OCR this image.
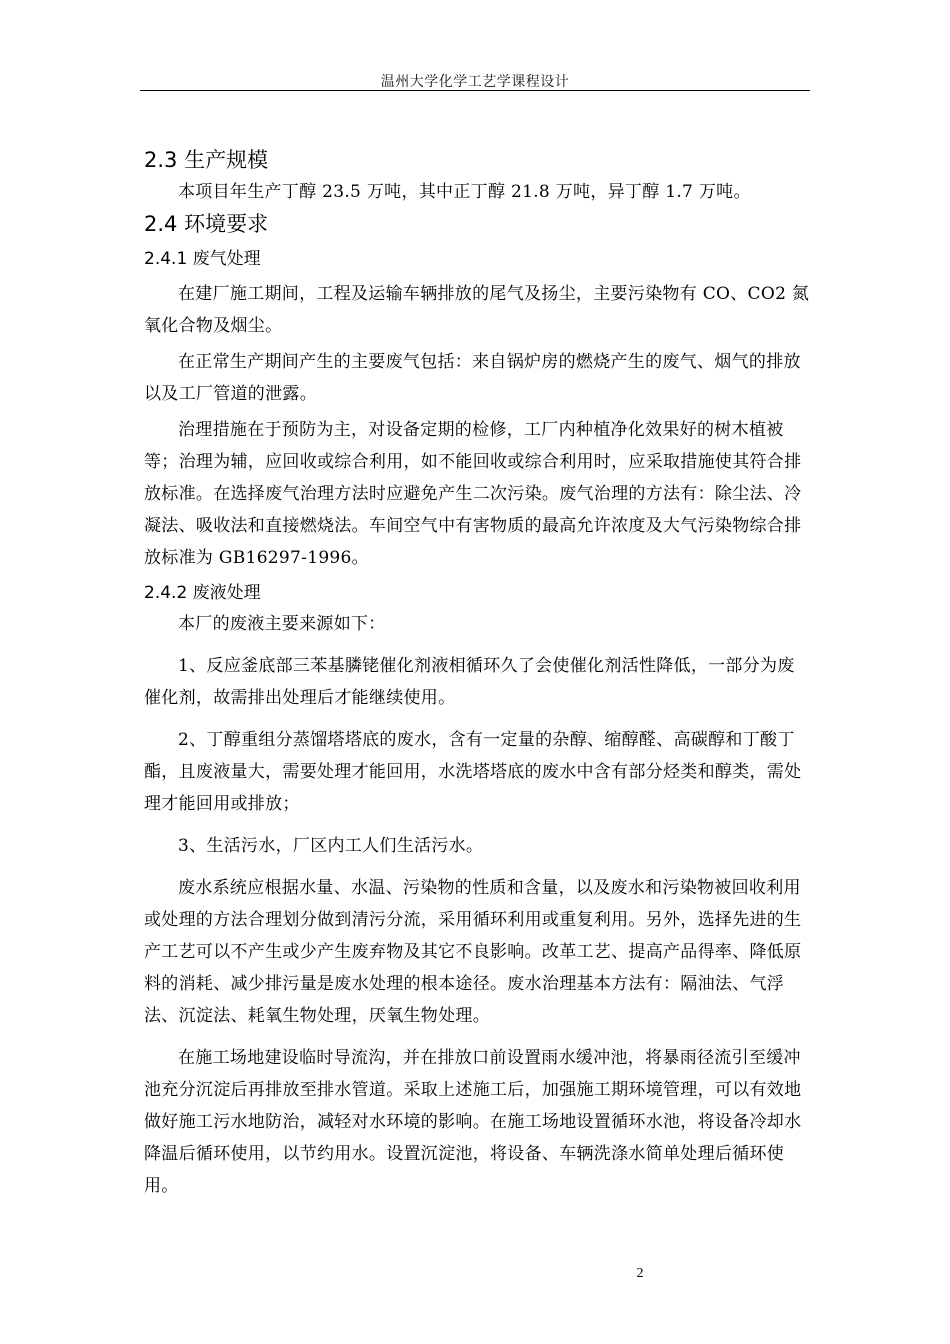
温州大学化学工艺学课程设计
2.3 生产规模

本项目年生产丁醇 23.5 万吨，其中正丁醇 21.8 万吨，异丁醇 1.7 万吨。

2.4 环境要求
2.4.1 废气处理

在建厂施工期间，工程及运输车辆排放的尾气及扬尘，主要污染物有 CO、CO2 氮氧化合物及烟尘。

在正常生产期间产生的主要废气包括：来自锅炉房的燃烧产生的废气、烟气的排放以及工厂管道的泄露。

治理措施在于预防为主，对设备定期的检修，工厂内种植净化效果好的树木植被等；治理为辅，应回收或综合利用，如不能回收或综合利用时，应采取措施使其符合排放标准。在选择废气治理方法时应避免产生二次污染。废气治理的方法有：除尘法、冷凝法、吸收法和直接燃烧法。车间空气中有害物质的最高允许浓度及大气污染物综合排放标准为 GB16297-1996。

2.4.2 废液处理

本厂的废液主要来源如下：

1、反应釜底部三苯基膦铑催化剂液相循环久了会使催化剂活性降低，一部分为废催化剂，故需排出处理后才能继续使用。

2、丁醇重组分蒸馏塔塔底的废水，含有一定量的杂醇、缩醇醛、高碳醇和丁酸丁酯，且废液量大，需要处理才能回用，水洗塔塔底的废水中含有部分烃类和醇类，需处理才能回用或排放；

3、生活污水，厂区内工人们生活污水。

废水系统应根据水量、水温、污染物的性质和含量，以及废水和污染物被回收利用或处理的方法合理划分做到清污分流，采用循环利用或重复利用。另外，选择先进的生产工艺可以不产生或少产生废弃物及其它不良影响。改革工艺、提高产品得率、降低原料的消耗、减少排污量是废水处理的根本途径。废水治理基本方法有：隔油法、气浮法、沉淀法、耗氧生物处理，厌氧生物处理。

在施工场地建设临时导流沟，并在排放口前设置雨水缓冲池，将暴雨径流引至缓冲池充分沉淀后再排放至排水管道。采取上述施工后，加强施工期环境管理，可以有效地做好施工污水地防治，减轻对水环境的影响。在施工场地设置循环水池，将设备冷却水降温后循环使用，以节约用水。设置沉淀池，将设备、车辆洗涤水简单处理后循环使用。

2
